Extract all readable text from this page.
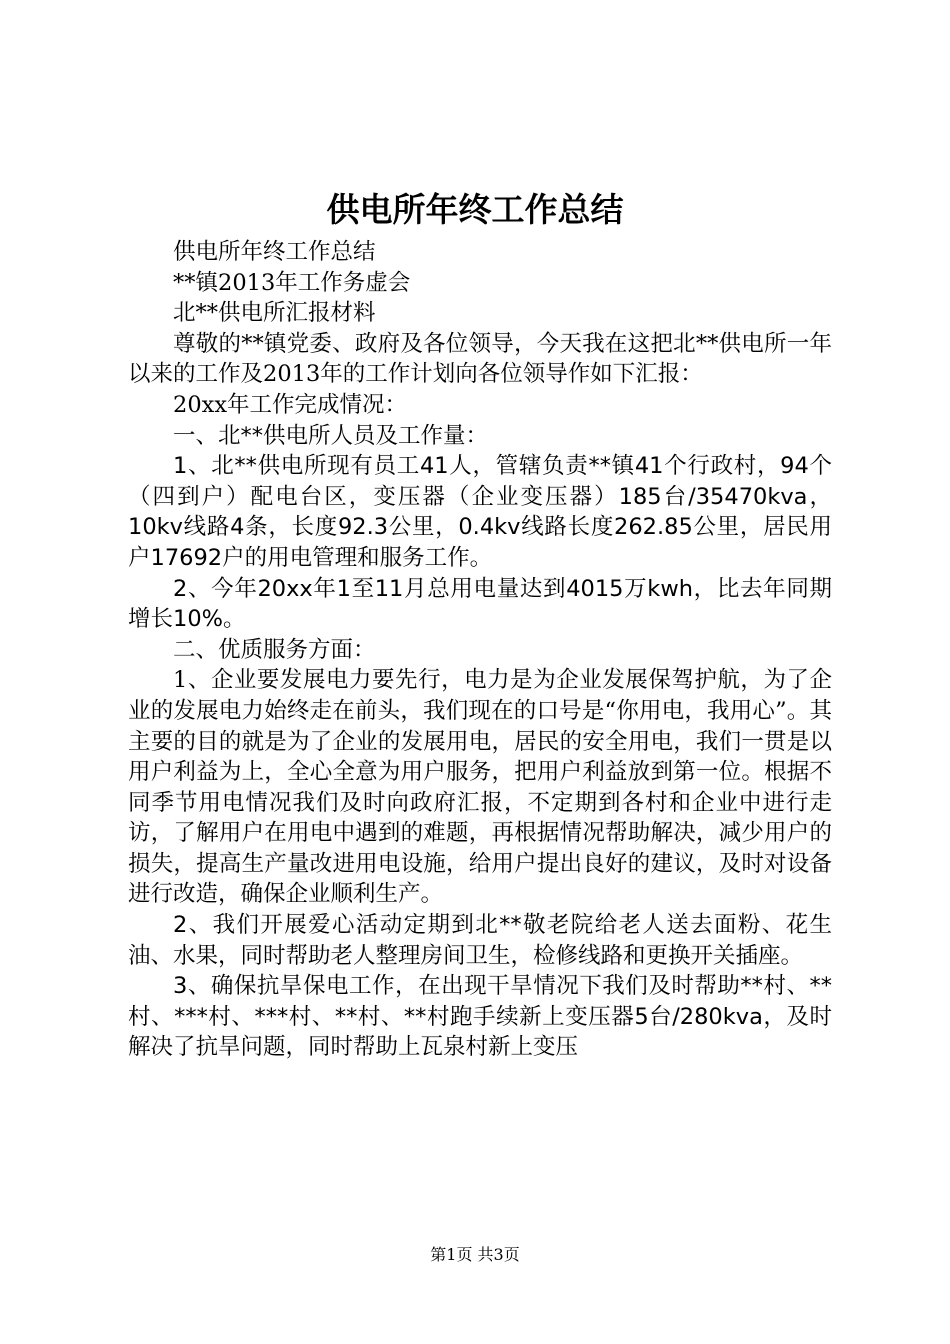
供电所年终工作总结

供电所年终工作总结

**镇2013年工作务虚会

北**供电所汇报材料

尊敬的**镇党委、政府及各位领导，今天我在这把北**供电所一年以来的工作及2013年的工作计划向各位领导作如下汇报：

20xx年工作完成情况：

一、北**供电所人员及工作量：

1、北**供电所现有员工41人，管辖负责**镇41个行政村，94个（四到户）配电台区，变压器（企业变压器）185台/35470kva，10kv线路4条，长度92.3公里，0.4kv线路长度262.85公里，居民用户17692户的用电管理和服务工作。

2、今年20xx年1至11月总用电量达到4015万kwh，比去年同期增长10%。

二、优质服务方面：

1、企业要发展电力要先行，电力是为企业发展保驾护航，为了企业的发展电力始终走在前头，我们现在的口号是“你用电，我用心”。其主要的目的就是为了企业的发展用电，居民的安全用电，我们一贯是以用户利益为上，全心全意为用户服务，把用户利益放到第一位。根据不同季节用电情况我们及时向政府汇报，不定期到各村和企业中进行走访，了解用户在用电中遇到的难题，再根据情况帮助解决，减少用户的损失，提高生产量改进用电设施，给用户提出良好的建议，及时对设备进行改造，确保企业顺利生产。

2、我们开展爱心活动定期到北**敬老院给老人送去面粉、花生油、水果，同时帮助老人整理房间卫生，检修线路和更换开关插座。

3、确保抗旱保电工作，在出现干旱情况下我们及时帮助**村、**村、***村、***村、**村、**村跑手续新上变压器5台/280kva，及时解决了抗旱问题，同时帮助上瓦泉村新上变压

第1页 共3页
